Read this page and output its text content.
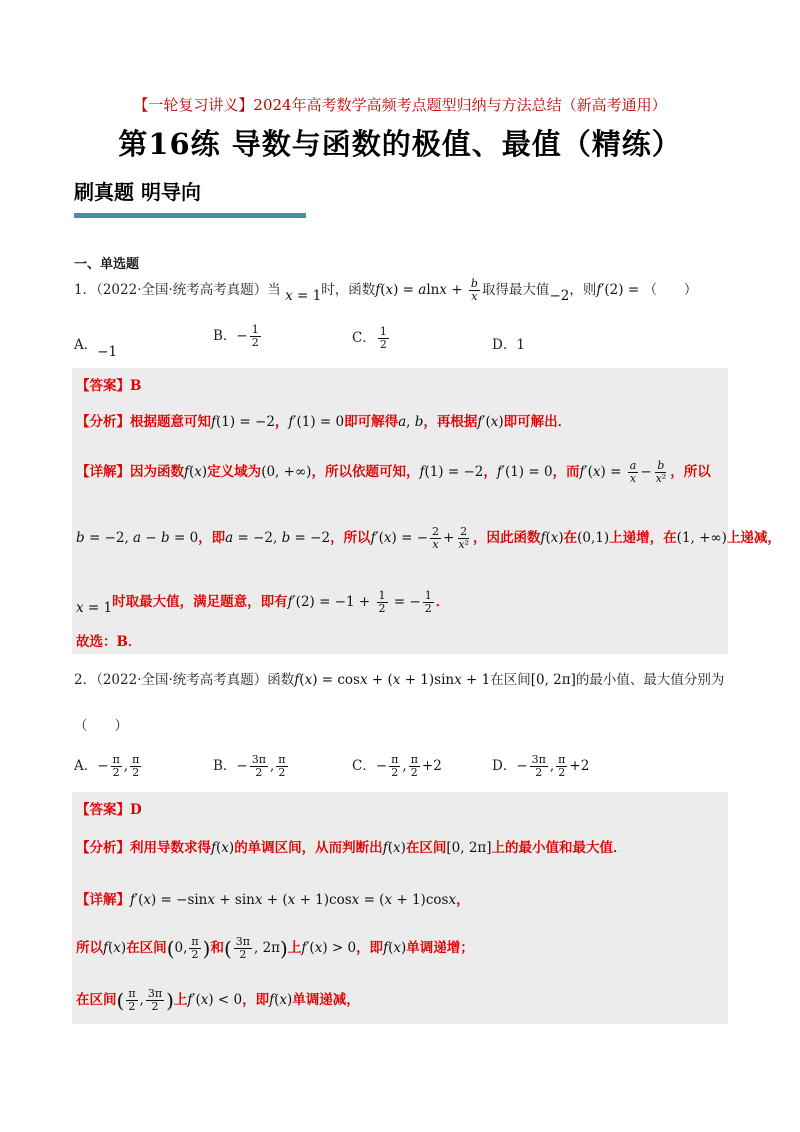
【一轮复习讲义】2024年高考数学高频考点题型归纳与方法总结（新高考通用）
第16练 导数与函数的极值、最值（精练）
刷真题 明导向
一、单选题
1．（2022·全国·统考高考真题）当 x = 1时，函数$f(x) = alnx + \frac{b}{x}$ 取得最大值−2，则f′(2) = （　　）
A．−1
B．− $\frac{1}{2}$	C． $\frac{1}{2}$	D．1
【答案】B
【分析】根据题意可知f(1) = −2，f′(1) = 0即可解得a, b，再根据f′(x)即可解出．
【详解】因为函数f(x)定义域为(0, +∞)，所以依题可知，f(1) = −2，f′(1) = 0，而$f'(x) = \frac{a}{x} - \frac{b}{\text{x²}}$ ，所以
b = −2, a − b = 0，即a = −2, b = −2，所以f′(x) = − $\frac{2}{x} + \frac{2}{\text{x²}}$ ，因此函数f(x)在(0,1)上递增，在(1, +∞)上递减，
x = 1时取最大值，满足题意，即有$f'(2) = -1 + \frac{1}{2}$ = − $\frac{1}{2}$ ．
故选：B．
2．（2022·全国·统考高考真题）函数f(x) = cosx + (x + 1)sinx + 1在区间[0, 2π]的最小值、最大值分别为
（　　）
A．− $\frac{\pi}{2}$ , $\frac{\pi}{2}$	B．− $\frac{3\pi}{2}$ , $\frac{\pi}{2}$	C．− $\frac{\pi}{2}$ , $\frac{\pi}{2} +2$	D．− $\frac{3\pi}{2}$ , $\frac{\pi}{2} +2$
【答案】D
【分析】利用导数求得f(x)的单调区间，从而判断出f(x)在区间[0, 2π]上的最小值和最大值．
【详解】f′(x) = −sinx + sinx + (x + 1)cosx = (x + 1)cosx，
所以f(x)在区间(0, $\frac{\pi}{2}$ )和( $\frac{3\pi}{2}$ , 2π)上f′(x) > 0，即f(x)单调递增；
在区间( $\frac{\pi}{2}$ , $\frac{3\pi}{2}$ )上f′(x) < 0，即f(x)单调递减，
